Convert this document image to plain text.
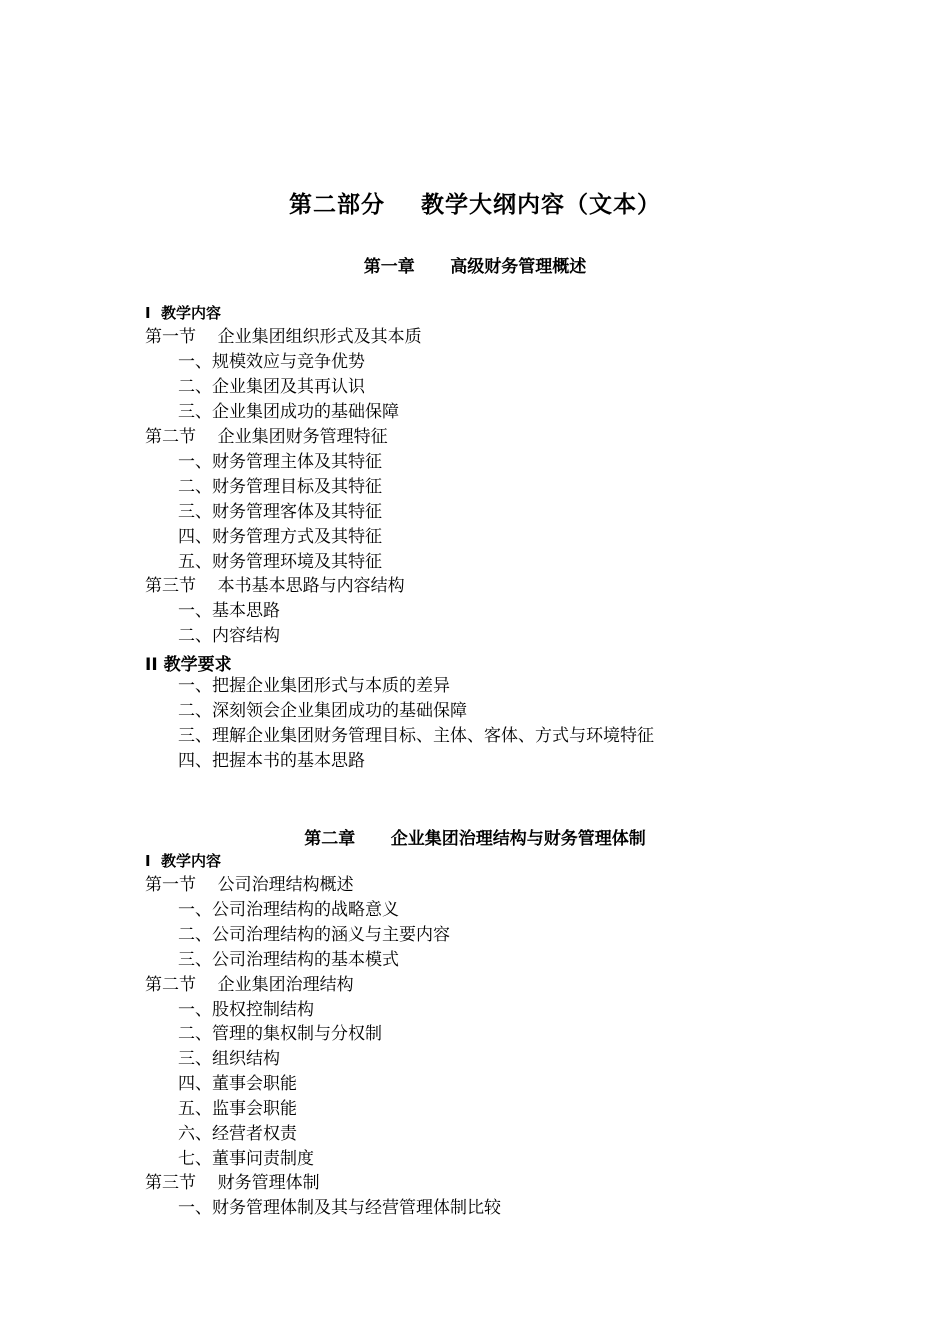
第二部分    教学大纲内容（文本）
第一章      高级财务管理概述
I  教学内容
第一节    企业集团组织形式及其本质
一、规模效应与竞争优势
二、企业集团及其再认识
三、企业集团成功的基础保障
第二节    企业集团财务管理特征
一、财务管理主体及其特征
二、财务管理目标及其特征
三、财务管理客体及其特征
四、财务管理方式及其特征
五、财务管理环境及其特征
第三节    本书基本思路与内容结构
一、基本思路
二、内容结构
II 教学要求
一、把握企业集团形式与本质的差异
二、深刻领会企业集团成功的基础保障
三、理解企业集团财务管理目标、主体、客体、方式与环境特征
四、把握本书的基本思路
第二章      企业集团治理结构与财务管理体制
I  教学内容
第一节    公司治理结构概述
一、公司治理结构的战略意义
二、公司治理结构的涵义与主要内容
三、公司治理结构的基本模式
第二节    企业集团治理结构
一、股权控制结构
二、管理的集权制与分权制
三、组织结构
四、董事会职能
五、监事会职能
六、经营者权责
七、董事问责制度
第三节    财务管理体制
一、财务管理体制及其与经营管理体制比较
